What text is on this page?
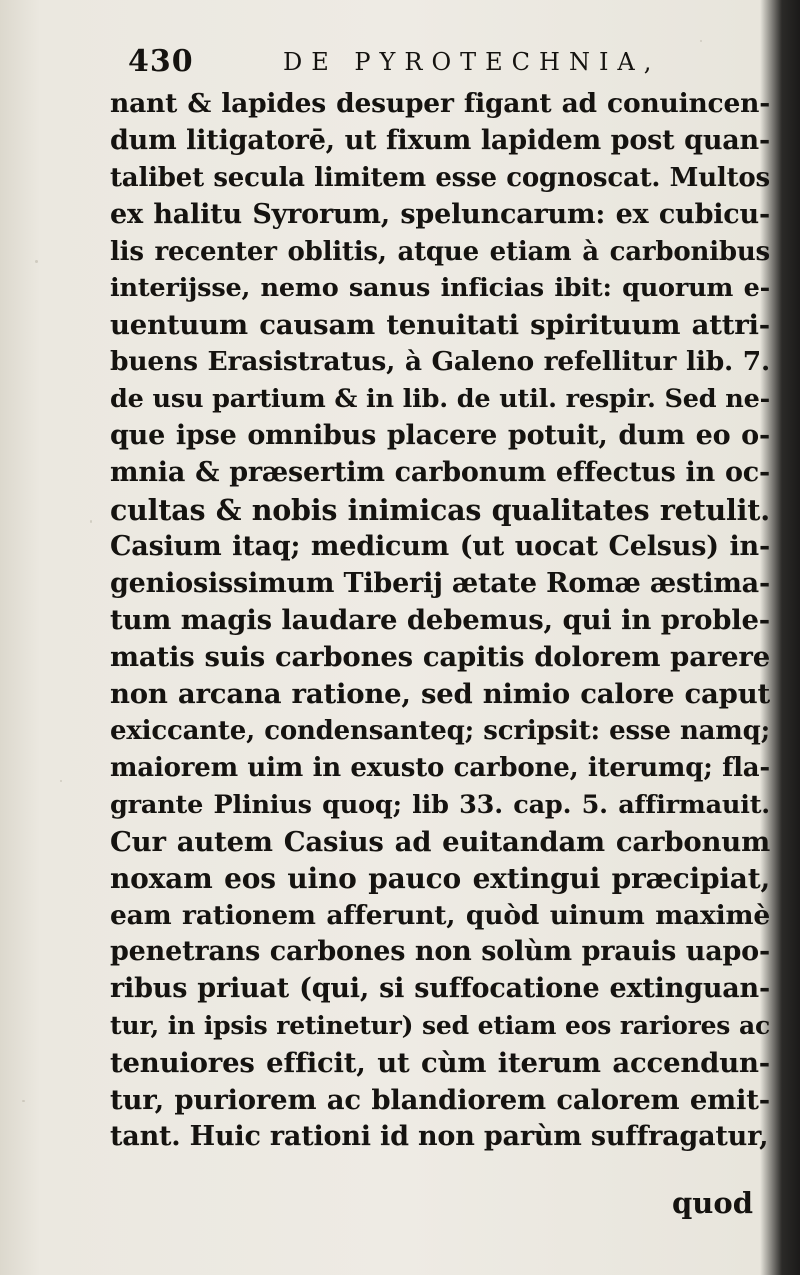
430	DE PYROTECHNIA,
nant & lapides desuper figant ad conuincen-
dum litigatorē, ut fixum lapidem post quan-
talibet secula limitem esse cognoscat. Multos
ex halitu Syrorum, speluncarum: ex cubicu-
lis recenter oblitis, atque etiam à carbonibus
interijsse, nemo sanus inficias ibit: quorum e-
uentuum causam tenuitati spirituum attri-
buens Erasistratus, à Galeno refellitur lib. 7.
de usu partium & in lib. de util. respir. Sed ne-
que ipse omnibus placere potuit, dum eo o-
mnia & præsertim carbonum effectus in oc-
cultas & nobis inimicas qualitates retulit.
Casium itaq; medicum (ut uocat Celsus) in-
geniosissimum Tiberij ætate Romæ æstima-
tum magis laudare debemus, qui in proble-
matis suis carbones capitis dolorem parere
non arcana ratione, sed nimio calore caput
exiccante, condensanteq; scripsit: esse namq;
maiorem uim in exusto carbone, iterumq; fla-
grante Plinius quoq; lib 33. cap. 5. affirmauit.
Cur autem Casius ad euitandam carbonum
noxam eos uino pauco extingui præcipiat,
eam rationem afferunt, quòd uinum maximè
penetrans carbones non solùm prauis uapo-
ribus priuat (qui, si suffocatione extinguan-
tur, in ipsis retinetur) sed etiam eos rariores ac
tenuiores efficit, ut cùm iterum accendun-
tur, puriorem ac blandiorem calorem emit-
tant. Huic rationi id non parùm suffragatur,
quod
